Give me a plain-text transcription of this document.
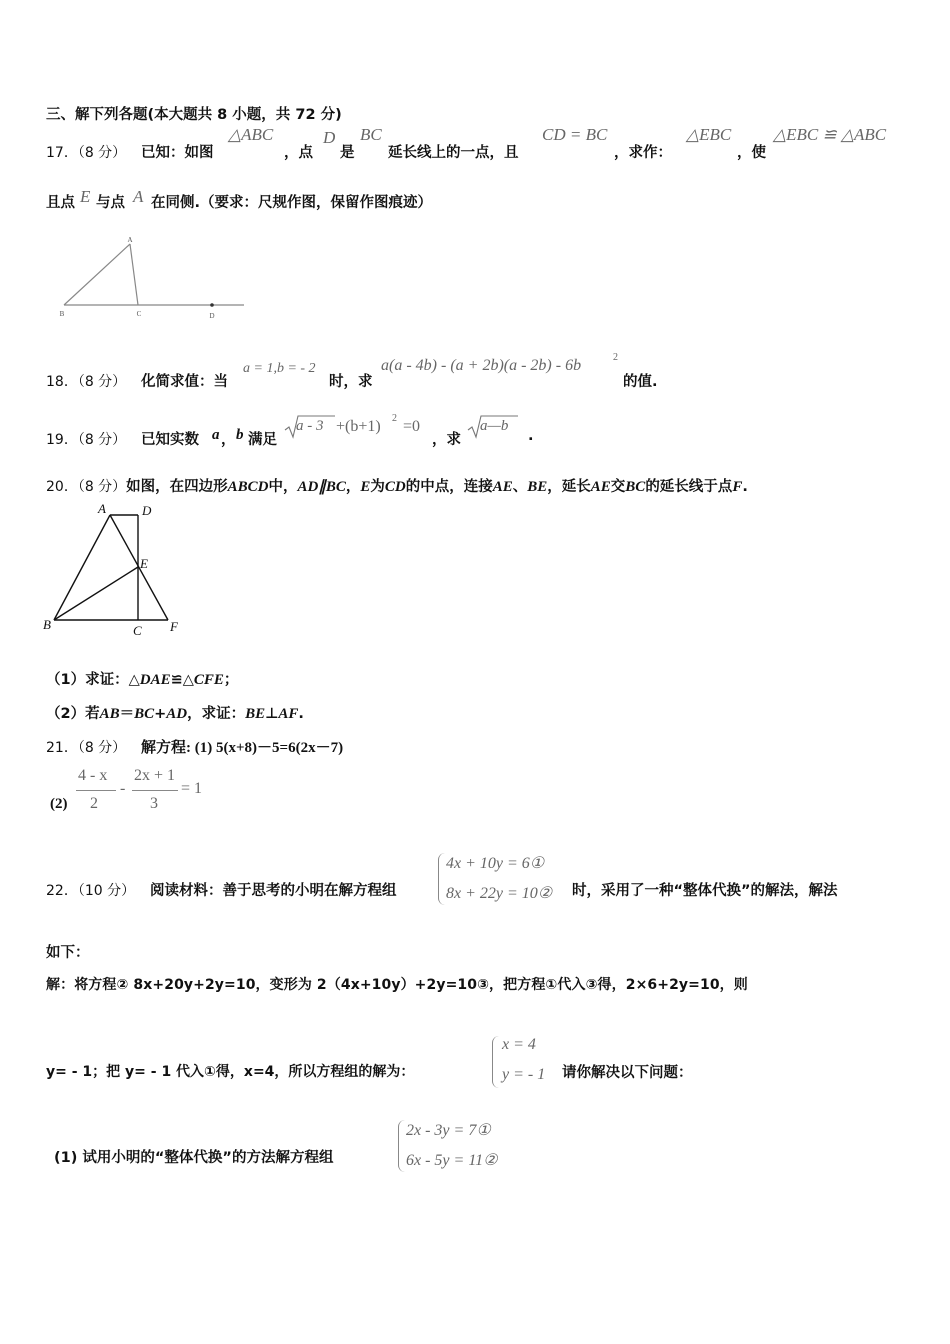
三、解下列各题(本大题共 8 小题，共 72 分)
17．（8 分） 已知：如图
△ABC
，点
D
是
BC
延长线上的一点，且
CD = BC
，求作：
△EBC
，使
△EBC ≌ △ABC
且点 E 与点 A 在同侧.（要求：尺规作图，保留作图痕迹）
A
B	C	D
18．（8 分） 化简求值：当
a = 1,b = - 2
时，求
a(a - 4b) - (a + 2b)(a - 2b) - 6b	2
的值.
19．（8 分） 已知实数 a ， b 满足
a - 3 +(b+1) 2 =0
，求
a—b
.
20．（8 分）如图，在四边形ABCD中，AD∥BC，E为CD的中点，连接AE、BE，延长AE交BC的延长线于点F.
A	D
E
B	C F
（1）求证：△DAE≌△CFE；
（2）若AB＝BC+AD，求证：BE⊥AF.
21．（8 分） 解方程: (1) 5(x+8)－5=6(2x－7)
(2)
4 - x
2
-
2x + 1
3
= 1
22．（10 分） 阅读材料：善于思考的小明在解方程组
4x + 10y = 6①
8x + 22y = 10② 时，采用了一种“整体代换”的解法，解法
如下：
解：将方程② 8x+20y+2y=10，变形为 2（4x+10y）+2y=10③，把方程①代入③得，2×6+2y=10，则
y= - 1；把 y= - 1 代入①得，x=4，所以方程组的解为：
x = 4
y = - 1 请你解决以下问题：
(1) 试用小明的“整体代换”的方法解方程组
2x - 3y = 7①
6x - 5y = 11②
